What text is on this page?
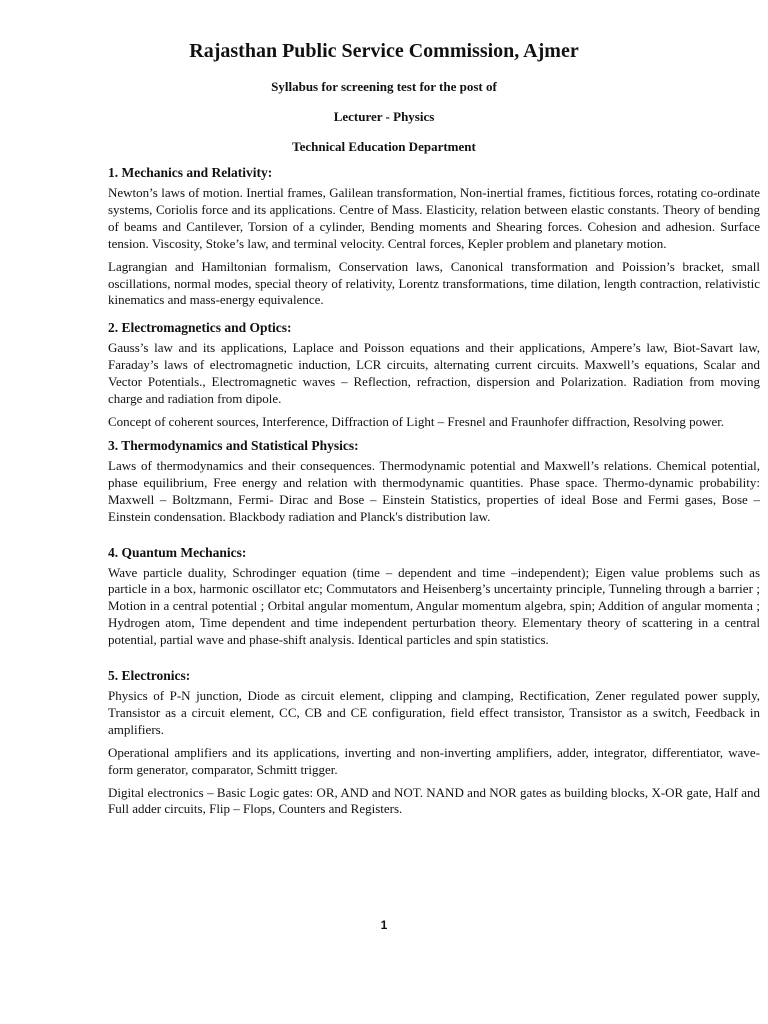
Rajasthan Public Service Commission, Ajmer

Syllabus for screening test for the post of

Lecturer - Physics

Technical Education Department

1. Mechanics and Relativity:

Newton’s laws of motion. Inertial frames, Galilean transformation, Non-inertial frames, fictitious forces, rotating co-ordinate systems, Coriolis force and its applications. Centre of Mass. Elasticity, relation between elastic constants. Theory of bending of beams and Cantilever, Torsion of a cylinder, Bending moments and Shearing forces. Cohesion and adhesion. Surface tension. Viscosity, Stoke’s law, and terminal velocity. Central forces, Kepler problem and planetary motion.

Lagrangian and Hamiltonian formalism, Conservation laws, Canonical transformation and Poission’s bracket, small oscillations, normal modes, special theory of relativity, Lorentz transformations, time dilation, length contraction, relativistic kinematics and mass-energy equivalence.

2. Electromagnetics and Optics:

Gauss’s law and its applications, Laplace and Poisson equations and their applications, Ampere’s law, Biot-Savart law, Faraday’s laws of electromagnetic induction, LCR circuits, alternating current circuits. Maxwell’s equations, Scalar and Vector Potentials., Electromagnetic waves – Reflection, refraction, dispersion and Polarization. Radiation from moving charge and radiation from dipole.

Concept of coherent sources, Interference, Diffraction of Light – Fresnel and Fraunhofer diffraction, Resolving power.

3. Thermodynamics and Statistical Physics:

Laws of thermodynamics and their consequences. Thermodynamic potential and Maxwell’s relations. Chemical potential, phase equilibrium, Free energy and relation with thermodynamic quantities. Phase space. Thermo-dynamic probability: Maxwell – Boltzmann, Fermi- Dirac and Bose – Einstein Statistics, properties of ideal Bose and Fermi gases, Bose – Einstein condensation. Blackbody radiation and Planck's distribution law.

4. Quantum Mechanics:

Wave particle duality, Schrodinger equation (time – dependent and time –independent); Eigen value problems such as particle in a box, harmonic oscillator etc; Commutators and Heisenberg’s uncertainty principle, Tunneling through a barrier ; Motion in a central potential ; Orbital angular momentum, Angular momentum algebra, spin; Addition of angular momenta ; Hydrogen atom, Time dependent and time independent perturbation theory. Elementary theory of scattering in a central potential, partial wave and phase-shift analysis. Identical particles and spin statistics.

5. Electronics:

Physics of P-N junction, Diode as circuit element, clipping and clamping, Rectification, Zener regulated power supply, Transistor as a circuit element, CC, CB and CE configuration, field effect transistor, Transistor as a switch, Feedback in amplifiers.

Operational amplifiers and its applications, inverting and non-inverting amplifiers, adder, integrator, differentiator, wave-form generator, comparator, Schmitt trigger.

Digital electronics – Basic Logic gates: OR, AND and NOT. NAND and NOR gates as building blocks, X-OR gate, Half and Full adder circuits, Flip – Flops, Counters and Registers.

1
